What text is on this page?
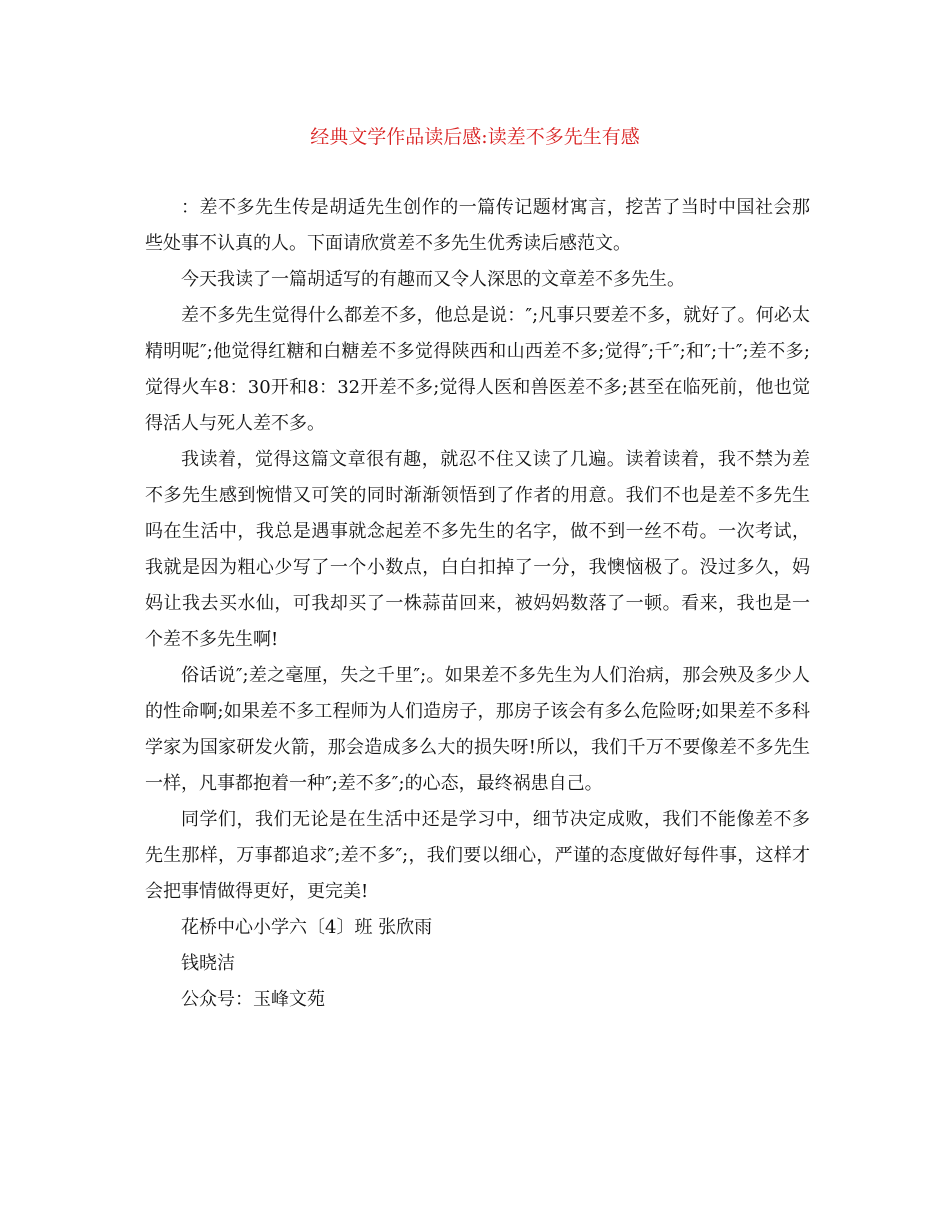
经典文学作品读后感:读差不多先生有感

：差不多先生传是胡适先生创作的一篇传记题材寓言，挖苦了当时中国社会那些处事不认真的人。下面请欣赏差不多先生优秀读后感范文。

今天我读了一篇胡适写的有趣而又令人深思的文章差不多先生。

差不多先生觉得什么都差不多，他总是说：″;凡事只要差不多，就好了。何必太精明呢″;他觉得红糖和白糖差不多觉得陕西和山西差不多;觉得″;千″;和″;十″;差不多;觉得火车8：30开和8：32开差不多;觉得人医和兽医差不多;甚至在临死前，他也觉得活人与死人差不多。

我读着，觉得这篇文章很有趣，就忍不住又读了几遍。读着读着，我不禁为差不多先生感到惋惜又可笑的同时渐渐领悟到了作者的用意。我们不也是差不多先生吗在生活中，我总是遇事就念起差不多先生的名字，做不到一丝不苟。一次考试，我就是因为粗心少写了一个小数点，白白扣掉了一分，我懊恼极了。没过多久，妈妈让我去买水仙，可我却买了一株蒜苗回来，被妈妈数落了一顿。看来，我也是一个差不多先生啊!

俗话说″;差之毫厘，失之千里″;。如果差不多先生为人们治病，那会殃及多少人的性命啊;如果差不多工程师为人们造房子，那房子该会有多么危险呀;如果差不多科学家为国家研发火箭，那会造成多么大的损失呀!所以，我们千万不要像差不多先生一样，凡事都抱着一种″;差不多″;的心态，最终祸患自己。

同学们，我们无论是在生活中还是学习中，细节决定成败，我们不能像差不多先生那样，万事都追求″;差不多″;，我们要以细心，严谨的态度做好每件事，这样才会把事情做得更好，更完美!

花桥中心小学六〔4〕班 张欣雨

钱晓洁

公众号：玉峰文苑
